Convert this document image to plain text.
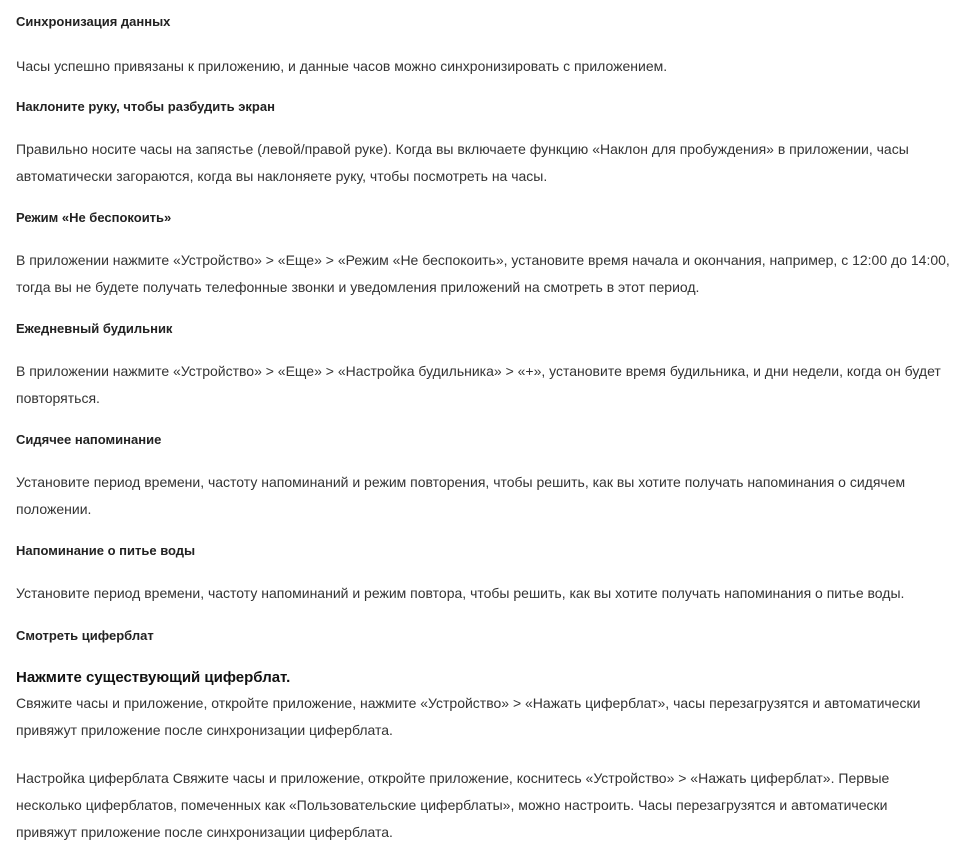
Синхронизация данных

Часы успешно привязаны к приложению, и данные часов можно синхронизировать с приложением.

Наклоните руку, чтобы разбудить экран

Правильно носите часы на запястье (левой/правой руке). Когда вы включаете функцию «Наклон для пробуждения» в приложении, часы автоматически загораются, когда вы наклоняете руку, чтобы посмотреть на часы.

Режим «Не беспокоить»

В приложении нажмите «Устройство» > «Еще» > «Режим «Не беспокоить», установите время начала и окончания, например, с 12:00 до 14:00, тогда вы не будете получать телефонные звонки и уведомления приложений на смотреть в этот период.

Ежедневный будильник

В приложении нажмите «Устройство» > «Еще» > «Настройка будильника» > «+», установите время будильника, и дни недели, когда он будет повторяться.

Сидячее напоминание

Установите период времени, частоту напоминаний и режим повторения, чтобы решить, как вы хотите получать напоминания о сидячем положении.

Напоминание о питье воды

Установите период времени, частоту напоминаний и режим повтора, чтобы решить, как вы хотите получать напоминания о питье воды.

Смотреть циферблат
Нажмите существующий циферблат.

Свяжите часы и приложение, откройте приложение, нажмите «Устройство» > «Нажать циферблат», часы перезагрузятся и автоматически привяжут приложение после синхронизации циферблата.

Настройка циферблата Свяжите часы и приложение, откройте приложение, коснитесь «Устройство» > «Нажать циферблат». Первые несколько циферблатов, помеченных как «Пользовательские циферблаты», можно настроить. Часы перезагрузятся и автоматически привяжут приложение после синхронизации циферблата.
